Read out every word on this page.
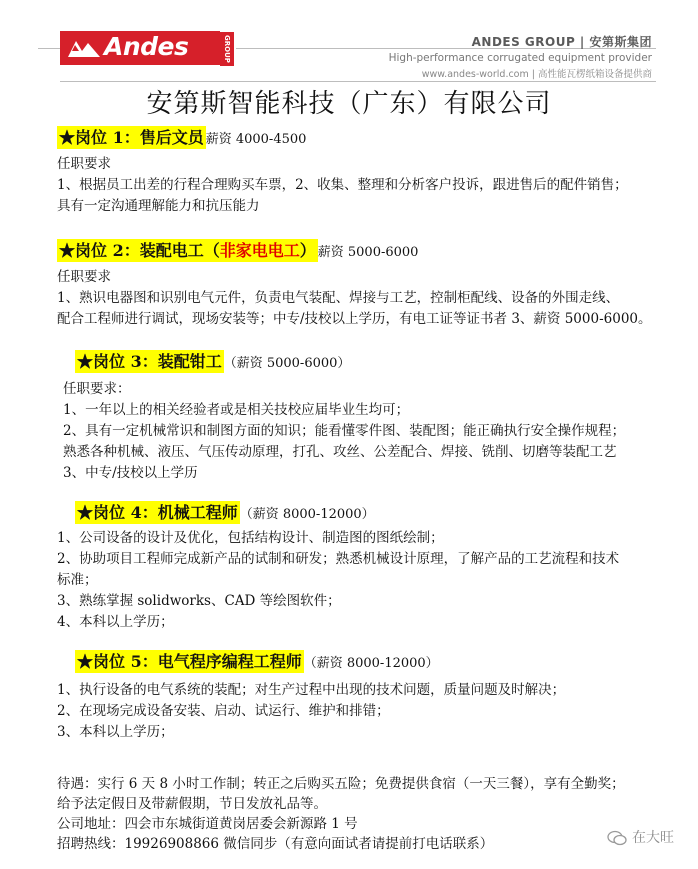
Andes	GROUP	ANDES GROUP | 安第斯集团
High-performance corrugated equipment provider
www.andes-world.com | 高性能瓦楞纸箱设备提供商
安第斯智能科技（广东）有限公司
★岗位 1：售后文员 薪资 4000-4500
任职要求
1、根据员工出差的行程合理购买车票，2、收集、整理和分析客户投诉，跟进售后的配件销售；
具有一定沟通理解能力和抗压能力
★岗位 2：装配电工（非家电电工） 薪资 5000-6000
任职要求
1、熟识电器图和识别电气元件，负责电气装配、焊接与工艺，控制柜配线、设备的外围走线、
配合工程师进行调试，现场安装等；中专/技校以上学历，有电工证等证书者 3、薪资 5000-6000。
★岗位 3：装配钳工 （薪资 5000-6000）
任职要求：
1、一年以上的相关经验者或是相关技校应届毕业生均可；
2、具有一定机械常识和制图方面的知识；能看懂零件图、装配图；能正确执行安全操作规程；
熟悉各种机械、液压、气压传动原理，打孔、攻丝、公差配合、焊接、铣削、切磨等装配工艺
3、中专/技校以上学历
★岗位 4：机械工程师 （薪资 8000-12000）
1、公司设备的设计及优化，包括结构设计、制造图的图纸绘制；
2、协助项目工程师完成新产品的试制和研发；熟悉机械设计原理，了解产品的工艺流程和技术
标准；
3、熟练掌握 solidworks、CAD 等绘图软件；
4、本科以上学历；
★岗位 5：电气程序编程工程师 （薪资 8000-12000）
1、执行设备的电气系统的装配；对生产过程中出现的技术问题，质量问题及时解决；
2、在现场完成设备安装、启动、试运行、维护和排错；
3、本科以上学历；
待遇：实行 6 天 8 小时工作制；转正之后购买五险；免费提供食宿（一天三餐），享有全勤奖；
给予法定假日及带薪假期，节日发放礼品等。
公司地址：四会市东城街道黄岗居委会新源路 1 号
招聘热线：19926908866 微信同步（有意向面试者请提前打电话联系）	在大旺
